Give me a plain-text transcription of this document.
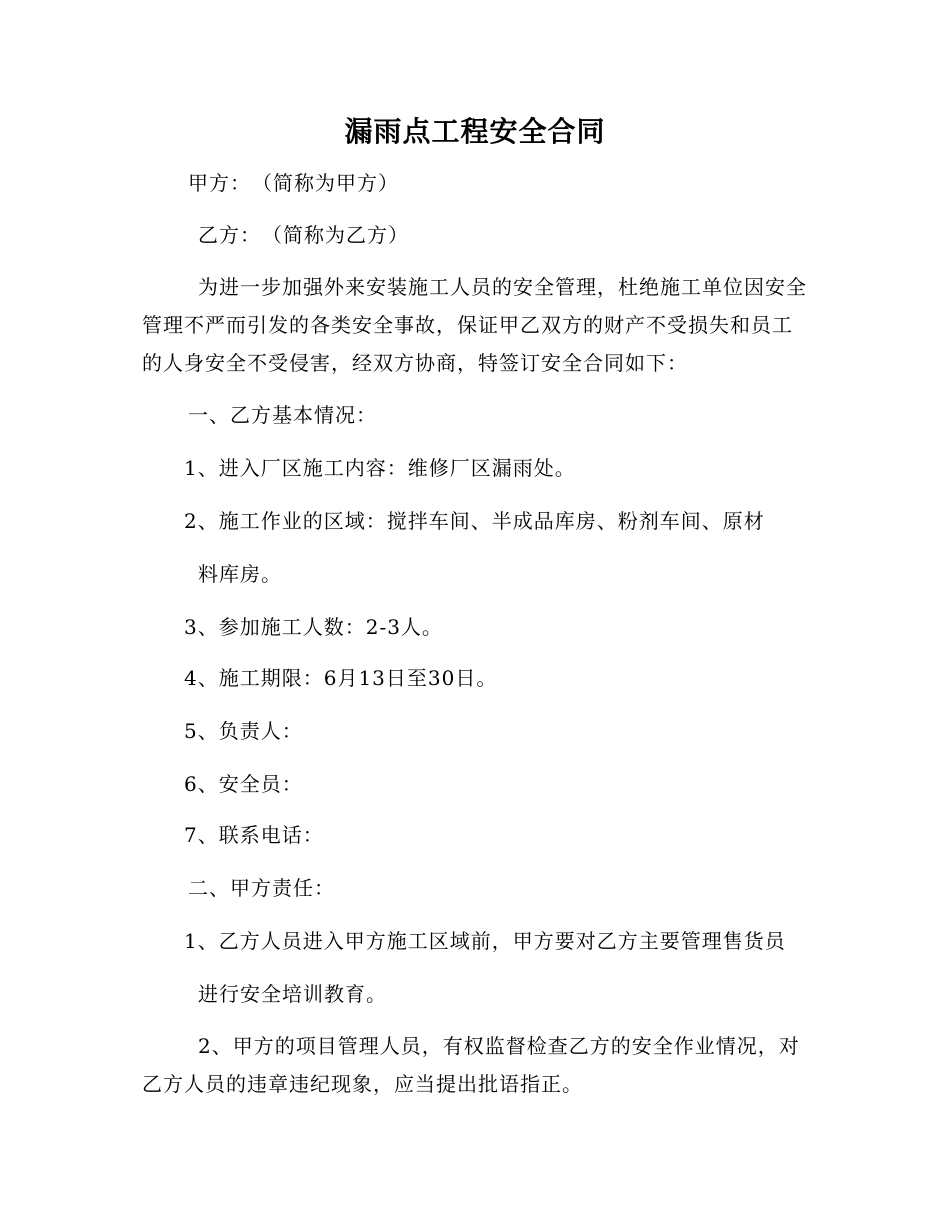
漏雨点工程安全合同
甲方：　（简称为甲方）
乙方：　（简称为乙方）
为进一步加强外来安装施工人员的安全管理，杜绝施工单位因安全管理不严而引发的各类安全事故，保证甲乙双方的财产不受损失和员工的人身安全不受侵害，经双方协商，特签订安全合同如下：
一、乙方基本情况：
1、进入厂区施工内容：维修厂区漏雨处。
2、施工作业的区域：搅拌车间、半成品库房、粉剂车间、原材
料库房。
3、参加施工人数：2-3人。
4、施工期限：6月13日至30日。
5、负责人：
6、安全员：
7、联系电话：
二、甲方责任：
1、乙方人员进入甲方施工区域前，甲方要对乙方主要管理售货员
进行安全培训教育。
2、甲方的项目管理人员，有权监督检查乙方的安全作业情况，对乙方人员的违章违纪现象，应当提出批语指正。
